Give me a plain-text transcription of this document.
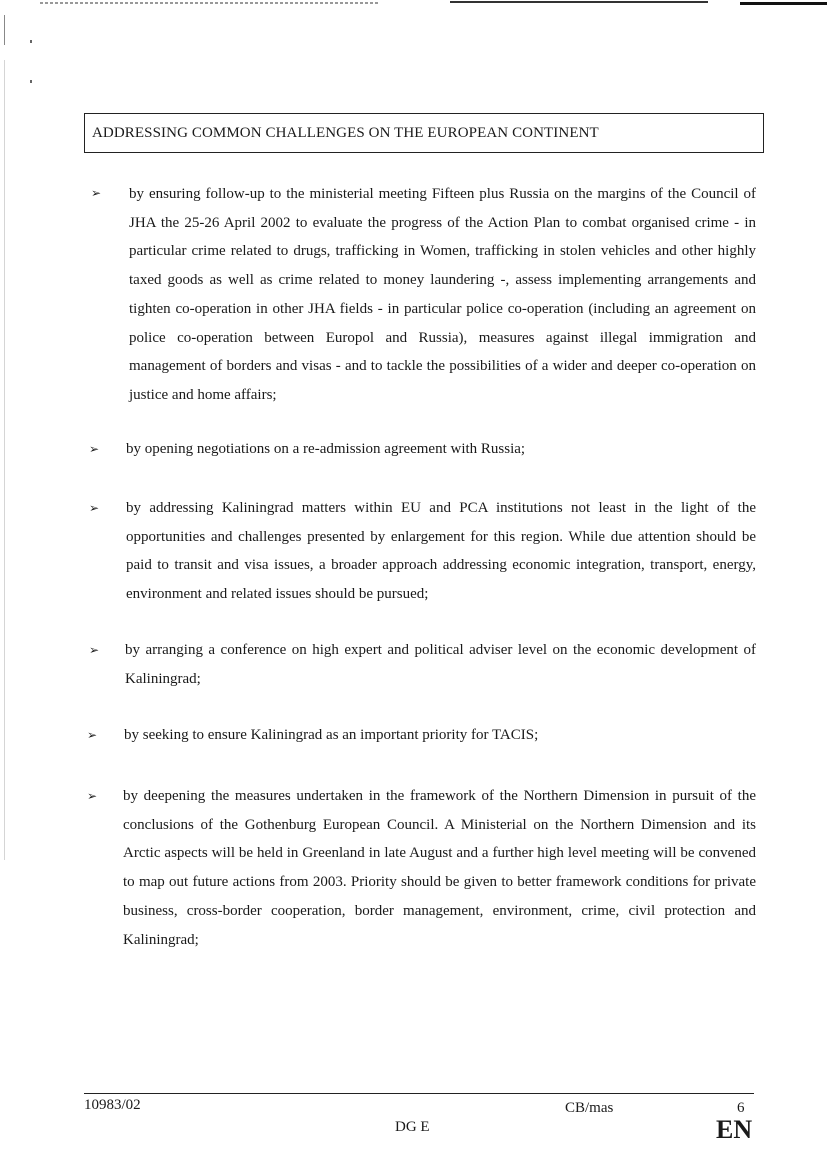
ADDRESSING COMMON CHALLENGES ON THE EUROPEAN CONTINENT
➢ by ensuring follow-up to the ministerial meeting Fifteen plus Russia on the margins of the Council of JHA the 25-26 April 2002 to evaluate the progress of the Action Plan to combat organised crime - in particular crime related to drugs, trafficking in Women, trafficking in stolen vehicles and other highly taxed goods as well as crime related to money laundering -, assess implementing arrangements and tighten co-operation in other JHA fields - in particular police co-operation (including an agreement on police co-operation between Europol and Russia), measures against illegal immigration and management of borders and visas - and to tackle the possibilities of a wider and deeper co-operation on justice and home affairs;
➢ by opening negotiations on a re-admission agreement with Russia;
➢ by addressing Kaliningrad matters within EU and PCA institutions not least in the light of the opportunities and challenges presented by enlargement for this region. While due attention should be paid to transit and visa issues, a broader approach addressing economic integration, transport, energy, environment and related issues should be pursued;
➢ by arranging a conference on high expert and political adviser level on the economic development of Kaliningrad;
➢ by seeking to ensure Kaliningrad as an important priority for TACIS;
➢ by deepening the measures undertaken in the framework of the Northern Dimension in pursuit of the conclusions of the Gothenburg European Council. A Ministerial on the Northern Dimension and its Arctic aspects will be held in Greenland in late August and a further high level meeting will be convened to map out future actions from 2003. Priority should be given to better framework conditions for private business, cross-border cooperation, border management, environment, crime, civil protection and Kaliningrad;
10983/02
DG E
CB/mas	6
EN
